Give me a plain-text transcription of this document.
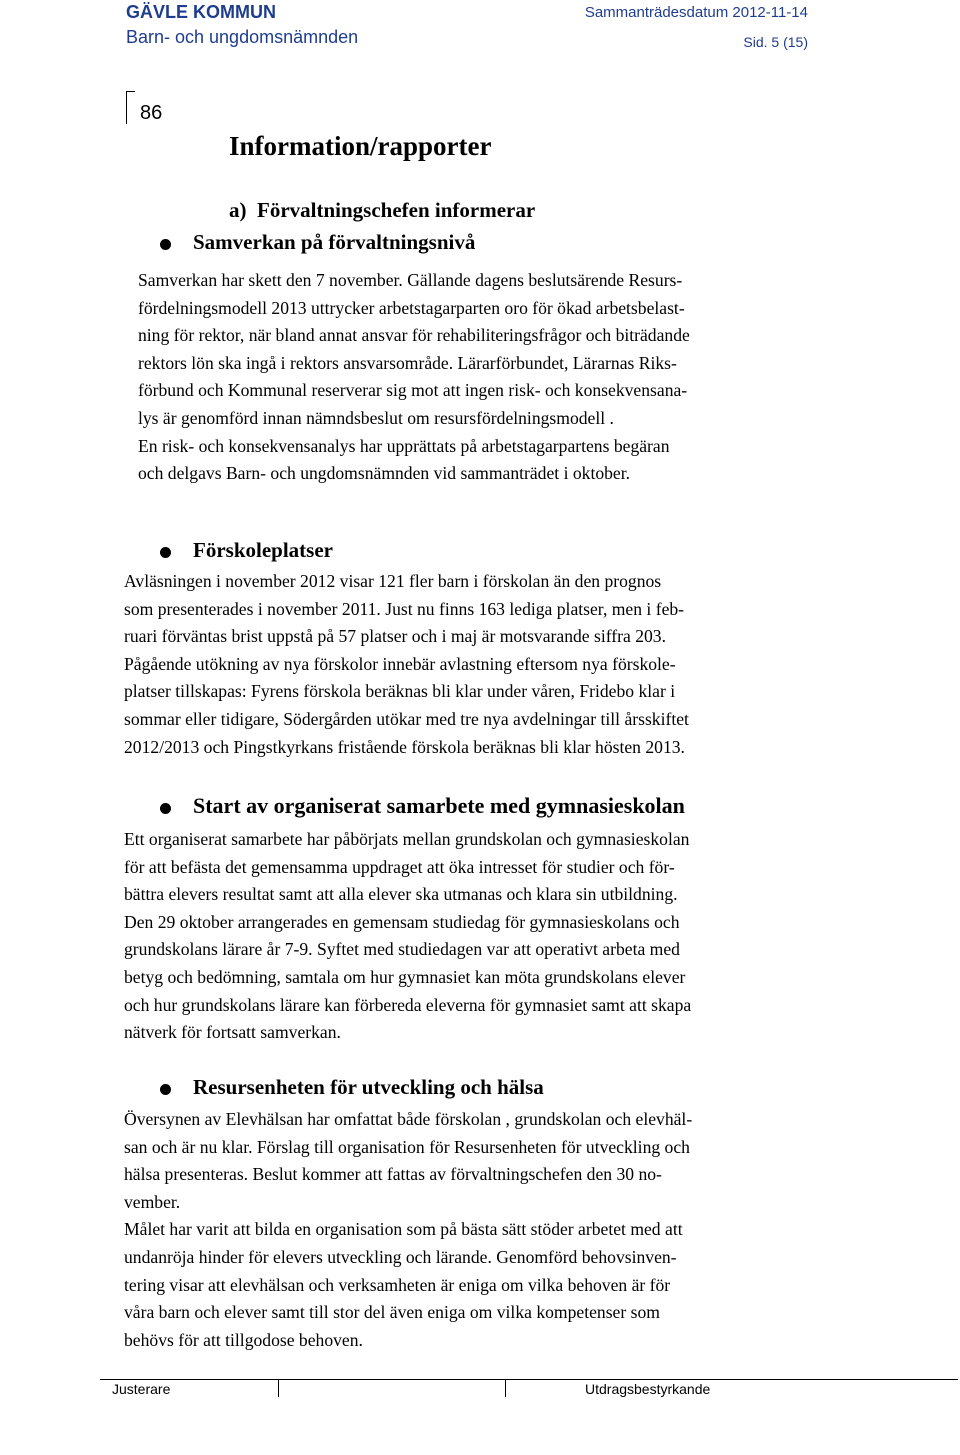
GÄVLE KOMMUN
Barn- och ungdomsnämnden
Sammanträdesdatum 2012-11-14
Sid. 5 (15)
86
Information/rapporter
a)  Förvaltningschefen informerar
Samverkan på förvaltningsnivå
Samverkan har skett den 7 november. Gällande dagens beslutsärende Resurs-
fördelningsmodell 2013 uttrycker arbetstagarparten oro för ökad arbetsbelast-
ning för rektor, när bland annat ansvar för rehabiliteringsfrågor och biträdande
rektors lön ska ingå i rektors ansvarsområde. Lärarförbundet, Lärarnas Riks-
förbund och Kommunal reserverar sig mot att ingen risk- och konsekvensana-
lys är genomförd innan nämndsbeslut om resursfördelningsmodell .
En risk- och konsekvensanalys har upprättats på arbetstagarpartens begäran
och delgavs Barn- och ungdomsnämnden vid sammanträdet i oktober.
Förskoleplatser
Avläsningen i november 2012 visar 121 fler barn i förskolan än den prognos
som presenterades i november 2011. Just nu finns 163 lediga platser, men i feb-
ruari förväntas brist uppstå på 57 platser och i maj är motsvarande siffra 203.
Pågående utökning av nya förskolor innebär avlastning eftersom nya förskole-
platser tillskapas: Fyrens förskola beräknas bli klar under våren, Fridebo klar i
sommar eller tidigare, Södergården utökar med tre nya avdelningar till årsskiftet
2012/2013 och Pingstkyrkans fristående förskola beräknas bli klar hösten 2013.
Start av organiserat samarbete med gymnasieskolan
Ett organiserat samarbete har påbörjats mellan grundskolan och gymnasieskolan
för att befästa det gemensamma uppdraget att öka intresset för studier och för-
bättra elevers resultat samt att alla elever ska utmanas och klara sin utbildning.
Den 29 oktober arrangerades en gemensam studiedag för gymnasieskolans och
grundskolans lärare år 7-9. Syftet med studiedagen var att operativt arbeta med
betyg och bedömning, samtala om hur gymnasiet kan möta grundskolans elever
och hur grundskolans lärare kan förbereda eleverna för gymnasiet samt att skapa
nätverk för fortsatt samverkan.
Resursenheten för utveckling och hälsa
Översynen av Elevhälsan har omfattat både förskolan , grundskolan och elevhäl-
san och är nu klar. Förslag till organisation för Resursenheten för utveckling och
hälsa presenteras. Beslut kommer att fattas av förvaltningschefen den 30 no-
vember.
Målet har varit att bilda en organisation som på bästa sätt stöder arbetet med att
undanröja hinder för elevers utveckling och lärande. Genomförd behovsinven-
tering visar att elevhälsan och verksamheten är eniga om vilka behoven är för
våra barn och elever samt till stor del även eniga om vilka kompetenser som
behövs för att tillgodose behoven.
Justerare	Utdragsbestyrkande
